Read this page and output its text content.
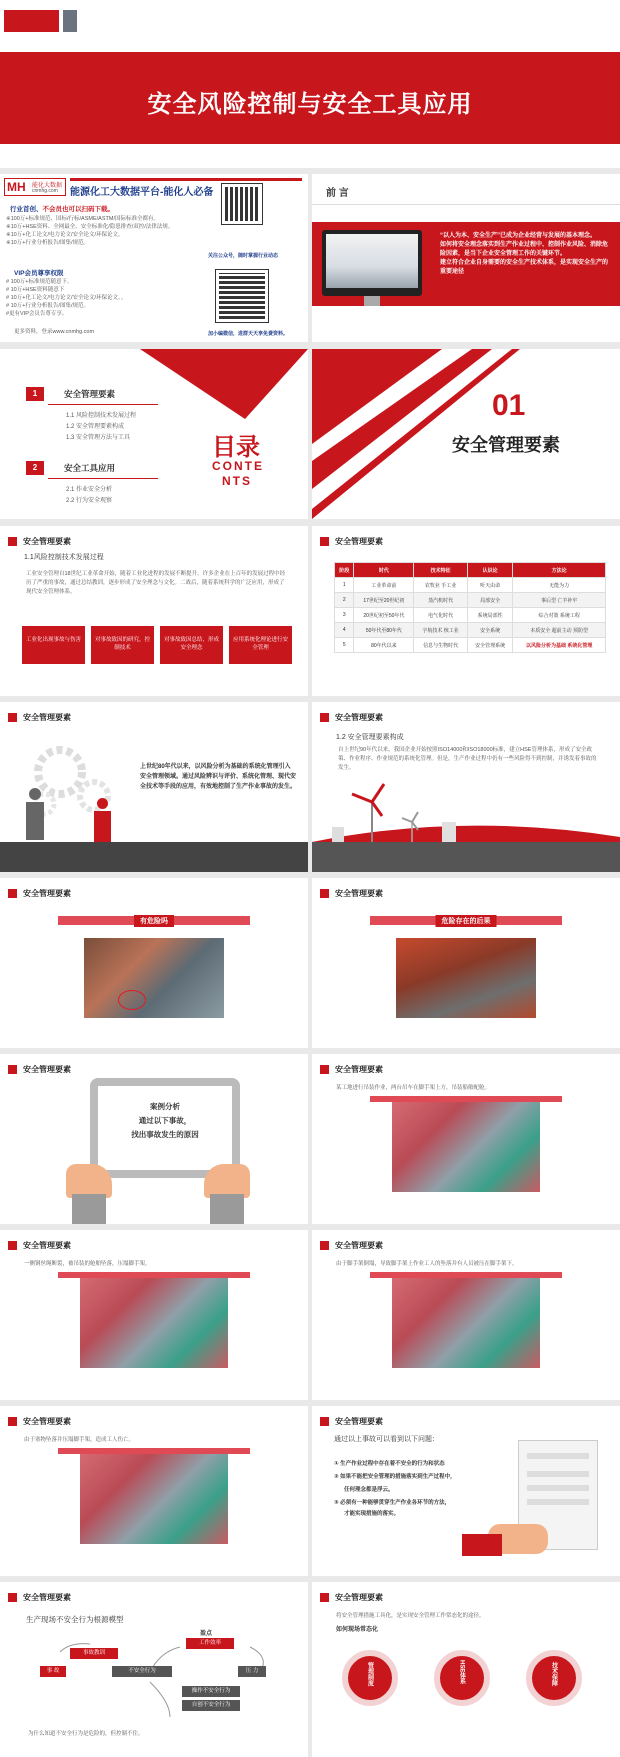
安全风险控制与安全工具应用
MH 能化大数据
cnmhg.com 能源化工大数据平台-能化人必备
行业首创、不会员也可以扫码下载。
※100万+标准规范、国标/行标/ASME/ASTM/国际标准全都有。
※10万+HSE资料、全网最全、安全标准化/隐患排查/双控/法律法规。
※10万+化工论文/电力论文/安全论文/环保论文。
※10万+行业分析报告/图集/规范。
VIP会员尊享权限
# 100万+标准规范随意下。
# 10万+HSE资料随意下
# 10万+化工论文/电力论文/安全论文/环保论文。。
# 10万+行业分析报告/图集/规范。
#更有VIP会员告尊专享。
更多资料，登录www.cnmhg.com
关注公众号，随时掌握行业动态
加小编微信，进群天天享免费资料。
前 言
“以人为本、安全生产”已成为企业经营与发展的基本理念。
如何将安全理念落实到生产作业过程中、控制作业风险、消除危险因素，是当下企业安全管理工作的关键环节。
建立符合企业自身需要的安全生产技术体系，是实现安全生产的重要途径
1	安全管理要素
1.1 风险控制技术发展过程
1.2 安全管理要素构成
1.3 安全管理方法与工具
2	安全工具应用
2.1 作业安全分析
2.2 行为安全观察
目录
CONTE
NTS
01
安全管理要素
安全管理要素
1.1风险控制技术发展过程
工业安全管理自18世纪工业革命开始，随着工业化进程的发展不断提升。许多企业在上百年的发展过程中经历了严重的事故，通过总结教训，逐步形成了安全理念与文化。二战后，随着系统科学的广泛应用，形成了现代安全管理体系。
工业化出现事故与伤害	对事故致因的研究，控制技术
对事故致因总结，形成安全理念
应用系统化理论进行安全管理
安全管理要素
阶段	时代	技术特征	认识论	方法论
1	工业革命前	农牧业 手工业	听天由命	无能为力
2	17世纪至20世纪初	蒸汽机时代	局部安全	事后型 亡羊补牢
3	20世纪初至50年代	电气化时代	系统局部性	综合对策 系统工程
4	50年代至80年代	宇航技术 核工业	安全系统	本质安全 超前主动 预防型
5	80年代以来	信息与生物时代	安全管理系统	以风险分析为基础 系统化管理
安全管理要素
上世纪80年代以来，以风险分析为基础的系统化管理引入安全管理领域。通过风险辨识与评价、系统化管理、现代安全技术等手段的应用，有效地控制了生产作业事故的发生。
安全管理要素
1.2 安全管理要素构成
自上世纪90年代以来，我国企业开始按照ISO14000和ISO18000标准，建立HSE管理体系，形成了安全政策、作业程序、作业规范的系统化管理。但是，生产作业过程中仍有一些风险得不到控制，并诱发着事故的发生。
安全管理要素
有危险吗
安全管理要素
危险存在的后果
安全管理要素
案例分析
通过以下事故，
找出事故发生的原因
安全管理要素
某工地进行吊装作业，两台吊车在脚手架上方，吊装船舶配舱。
安全管理要素
一侧钢丝绳断裂，被吊装的舱舶坠落，压塌脚手架。
安全管理要素
由于脚手架倒塌，导致脚手架上作业工人的坠落并有人员被压在脚手架下。
安全管理要素
由于塞物坠落并压塌脚手架，造成工人伤亡。
安全管理要素
通过以上事故可以看到以下问题：
① 生产作业过程中存在着不安全的行为和状态
② 如果不能把安全管理的措施落实到生产过程中，
任何理念都是浮云。
③ 必须有一种能够贯穿生产作业各环节的方法，
才能实现措施的落实。
安全管理要素
生产现场不安全行为根源模型
盈点
工作效率
事故教训
事 故	不安全行为	压 力
操作不安全行为
自创不安全行为
为什么知道不安全行为是危险的，但控制不住。
安全管理要素
将安全管理措施工具化，是实现安全管理工作常态化的途径。
如何现场常态化
管理制度	HSE体系	技术保障
